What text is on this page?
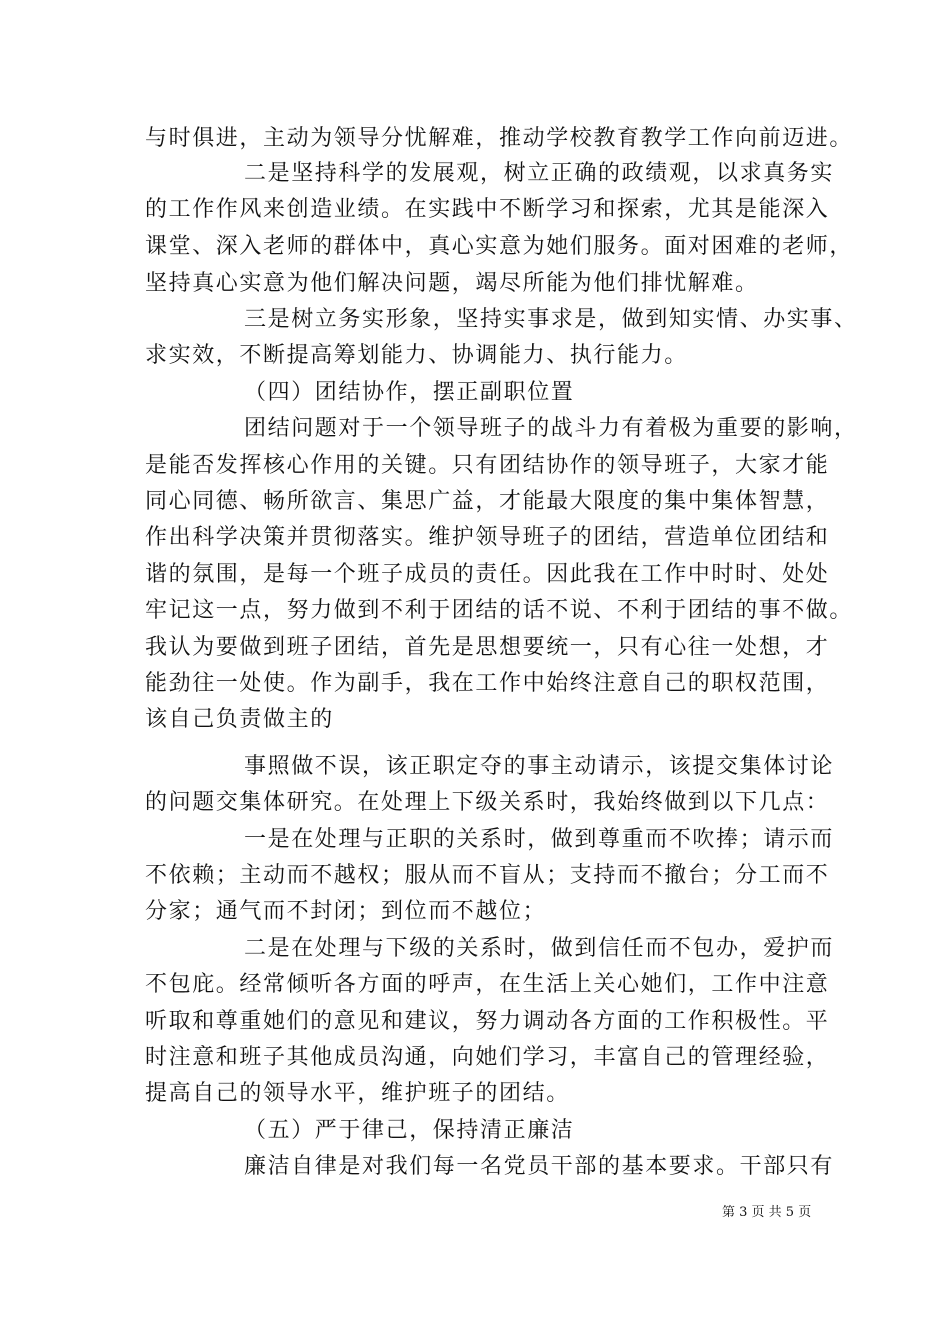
与时俱进，主动为领导分忧解难，推动学校教育教学工作向前迈进。
二是坚持科学的发展观，树立正确的政绩观，以求真务实
的工作作风来创造业绩。在实践中不断学习和探索，尤其是能深入
课堂、深入老师的群体中，真心实意为她们服务。面对困难的老师，
坚持真心实意为他们解决问题，竭尽所能为他们排忧解难。
三是树立务实形象，坚持实事求是，做到知实情、办实事、
求实效，不断提高筹划能力、协调能力、执行能力。
（四）团结协作，摆正副职位置
团结问题对于一个领导班子的战斗力有着极为重要的影响，
是能否发挥核心作用的关键。只有团结协作的领导班子，大家才能
同心同德、畅所欲言、集思广益，才能最大限度的集中集体智慧，
作出科学决策并贯彻落实。维护领导班子的团结，营造单位团结和
谐的氛围，是每一个班子成员的责任。因此我在工作中时时、处处
牢记这一点，努力做到不利于团结的话不说、不利于团结的事不做。
我认为要做到班子团结，首先是思想要统一，只有心往一处想，才
能劲往一处使。作为副手，我在工作中始终注意自己的职权范围，
该自己负责做主的
事照做不误，该正职定夺的事主动请示，该提交集体讨论
的问题交集体研究。在处理上下级关系时，我始终做到以下几点：
一是在处理与正职的关系时，做到尊重而不吹捧；请示而
不依赖；主动而不越权；服从而不盲从；支持而不撤台；分工而不
分家；通气而不封闭；到位而不越位；
二是在处理与下级的关系时，做到信任而不包办，爱护而
不包庇。经常倾听各方面的呼声，在生活上关心她们，工作中注意
听取和尊重她们的意见和建议，努力调动各方面的工作积极性。平
时注意和班子其他成员沟通，向她们学习，丰富自己的管理经验，
提高自己的领导水平，维护班子的团结。
（五）严于律己，保持清正廉洁
廉洁自律是对我们每一名党员干部的基本要求。干部只有
第 3 页 共 5 页
